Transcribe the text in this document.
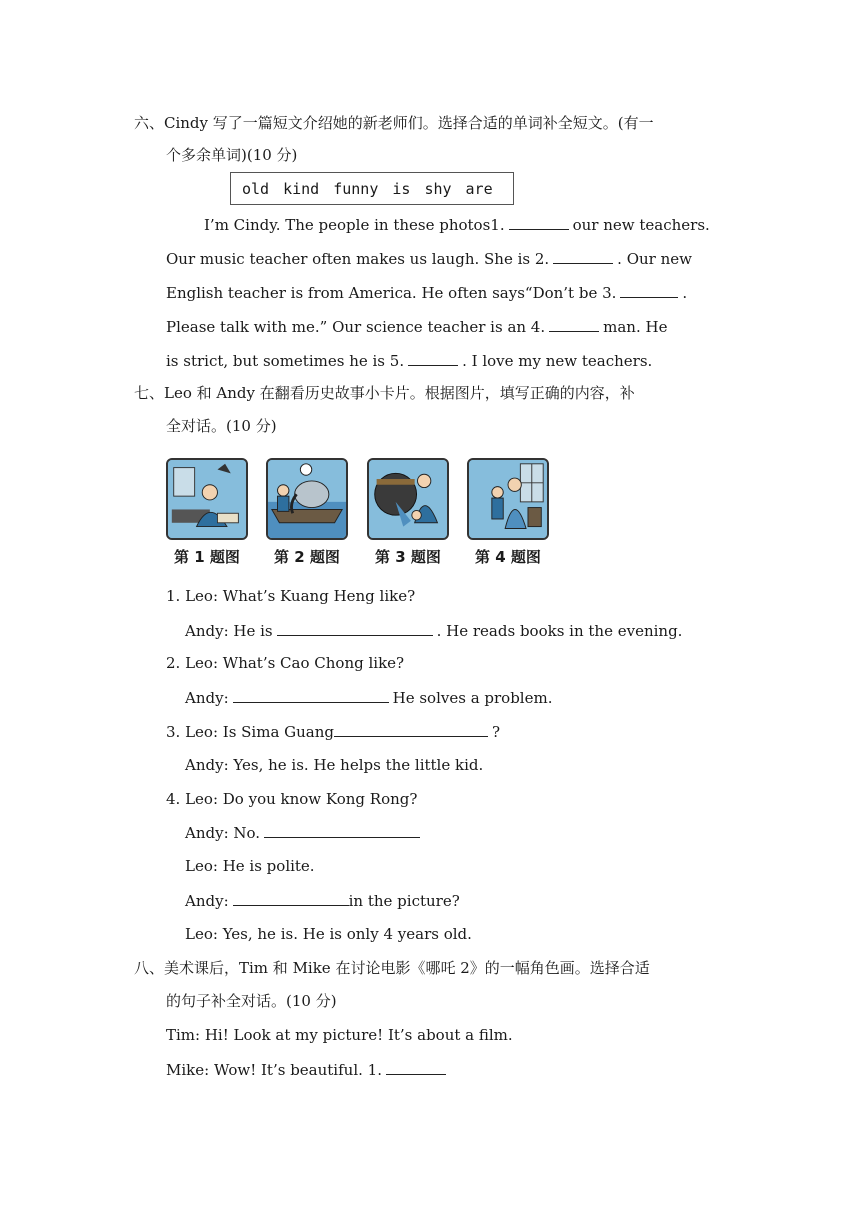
六、Cindy 写了一篇短文介绍她的新老师们。选择合适的单词补全短文。(有一
个多余单词)(10 分)
old kind funny is shy are
I’m Cindy. The people in these photos1.	our new teachers.
Our music teacher often makes us laugh. She is 2.	. Our new
English teacher is from America. He often says“Don’t be 3.	.
Please talk with me.” Our science teacher is an 4.	man. He
is strict, but sometimes he is 5.	. I love my new teachers.
七、Leo 和 Andy 在翻看历史故事小卡片。根据图片，填写正确的内容，补
全对话。(10 分)
第 1 题图	第 2 题图	第 3 题图	第 4 题图
1. Leo: What’s Kuang Heng like?
Andy: He is	. He reads books in the evening.
2. Leo: What’s Cao Chong like?
Andy:	He solves a problem.
3. Leo: Is Sima Guang	?
Andy: Yes, he is. He helps the little kid.
4. Leo: Do you know Kong Rong?
Andy: No.
Leo: He is polite.
Andy:	in the picture?
Leo: Yes, he is. He is only 4 years old.
八、美术课后，Tim 和 Mike 在讨论电影《哪吒 2》的一幅角色画。选择合适
的句子补全对话。(10 分)
Tim: Hi! Look at my picture! It’s about a film.
Mike: Wow! It’s beautiful. 1.
